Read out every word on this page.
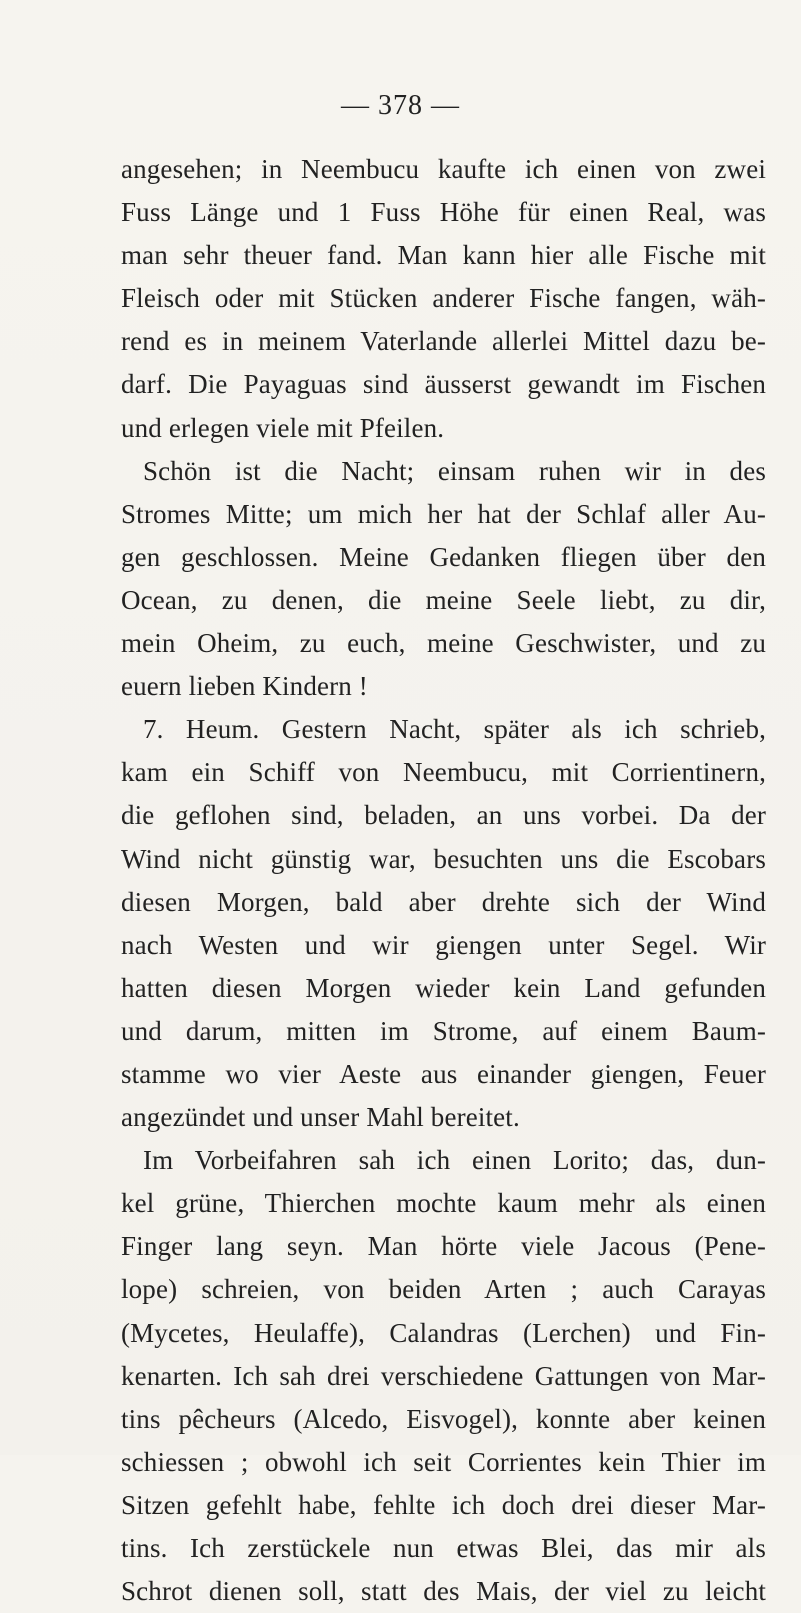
— 378 —
angesehen; in Neembucu kaufte ich einen von zwei
Fuss Länge und 1 Fuss Höhe für einen Real, was
man sehr theuer fand. Man kann hier alle Fische mit
Fleisch oder mit Stücken anderer Fische fangen, wäh-
rend es in meinem Vaterlande allerlei Mittel dazu be-
darf. Die Payaguas sind äusserst gewandt im Fischen
und erlegen viele mit Pfeilen.
Schön ist die Nacht; einsam ruhen wir in des
Stromes Mitte; um mich her hat der Schlaf aller Au-
gen geschlossen. Meine Gedanken fliegen über den
Ocean, zu denen, die meine Seele liebt, zu dir,
mein Oheim, zu euch, meine Geschwister, und zu
euern lieben Kindern !
7. Heum. Gestern Nacht, später als ich schrieb,
kam ein Schiff von Neembucu, mit Corrientinern,
die geflohen sind, beladen, an uns vorbei. Da der
Wind nicht günstig war, besuchten uns die Escobars
diesen Morgen, bald aber drehte sich der Wind
nach Westen und wir giengen unter Segel. Wir
hatten diesen Morgen wieder kein Land gefunden
und darum, mitten im Strome, auf einem Baum-
stamme wo vier Aeste aus einander giengen, Feuer
angezündet und unser Mahl bereitet.
Im Vorbeifahren sah ich einen Lorito; das, dun-
kel grüne, Thierchen mochte kaum mehr als einen
Finger lang seyn. Man hörte viele Jacous (Pene-
lope) schreien, von beiden Arten ; auch Carayas
(Mycetes, Heulaffe), Calandras (Lerchen) und Fin-
kenarten. Ich sah drei verschiedene Gattungen von Mar-
tins pêcheurs (Alcedo, Eisvogel), konnte aber keinen
schiessen ; obwohl ich seit Corrientes kein Thier im
Sitzen gefehlt habe, fehlte ich doch drei dieser Mar-
tins. Ich zerstückele nun etwas Blei, das mir als
Schrot dienen soll, statt des Mais, der viel zu leicht
